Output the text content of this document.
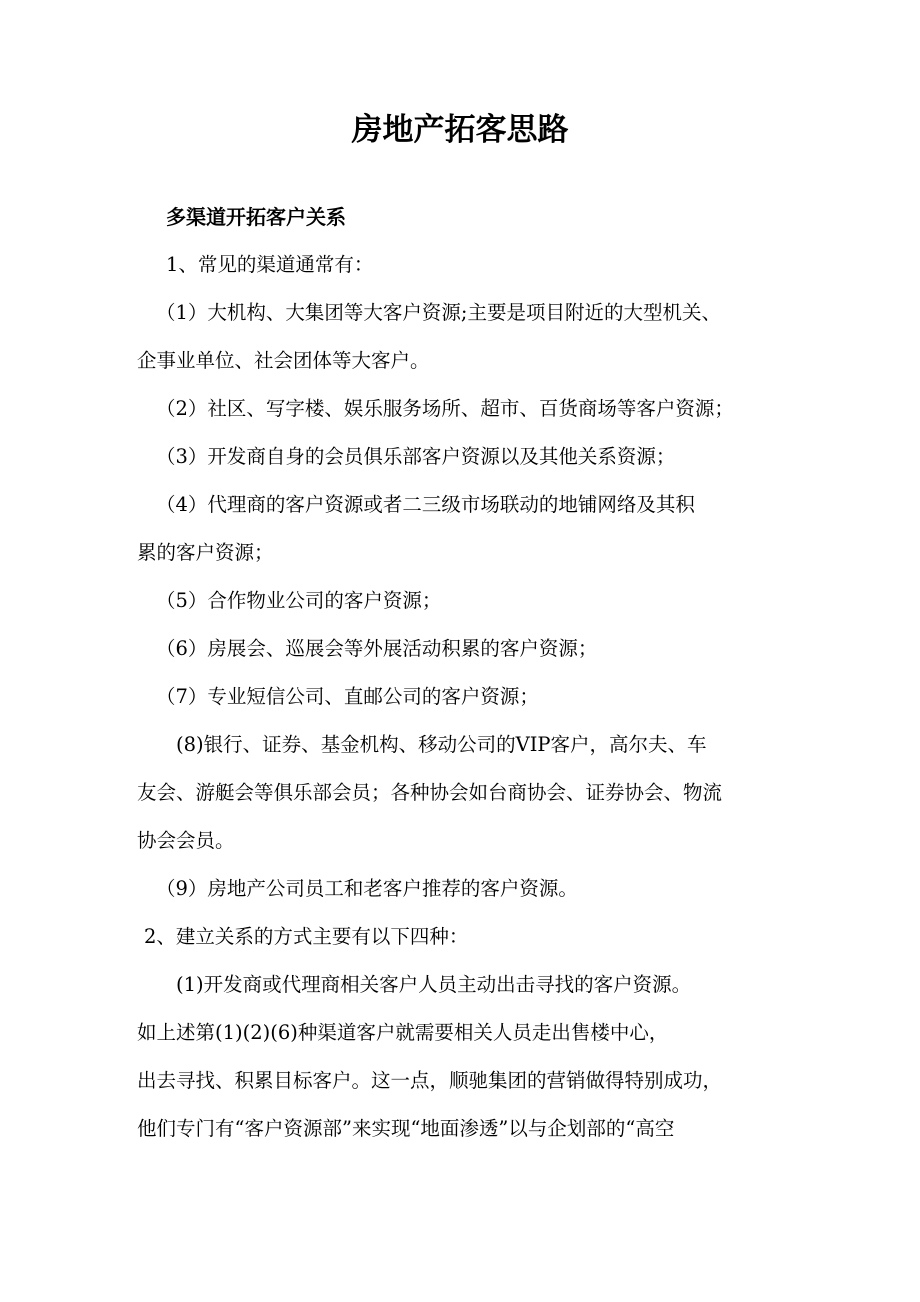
房地产拓客思路
多渠道开拓客户关系
1、常见的渠道通常有：
（1）大机构、大集团等大客户资源;主要是项目附近的大型机关、
企事业单位、社会团体等大客户。
（2）社区、写字楼、娱乐服务场所、超市、百货商场等客户资源；
（3）开发商自身的会员俱乐部客户资源以及其他关系资源；
（4）代理商的客户资源或者二三级市场联动的地铺网络及其积
累的客户资源；
（5）合作物业公司的客户资源；
（6）房展会、巡展会等外展活动积累的客户资源；
（7）专业短信公司、直邮公司的客户资源；
(8)银行、证券、基金机构、移动公司的VIP客户，高尔夫、车
友会、游艇会等俱乐部会员；各种协会如台商协会、证券协会、物流
协会会员。
（9）房地产公司员工和老客户推荐的客户资源。
2、建立关系的方式主要有以下四种：
(1)开发商或代理商相关客户人员主动出击寻找的客户资源。
如上述第(1)(2)(6)种渠道客户就需要相关人员走出售楼中心，
出去寻找、积累目标客户。这一点，顺驰集团的营销做得特别成功，
他们专门有“客户资源部”来实现“地面渗透”以与企划部的“高空
